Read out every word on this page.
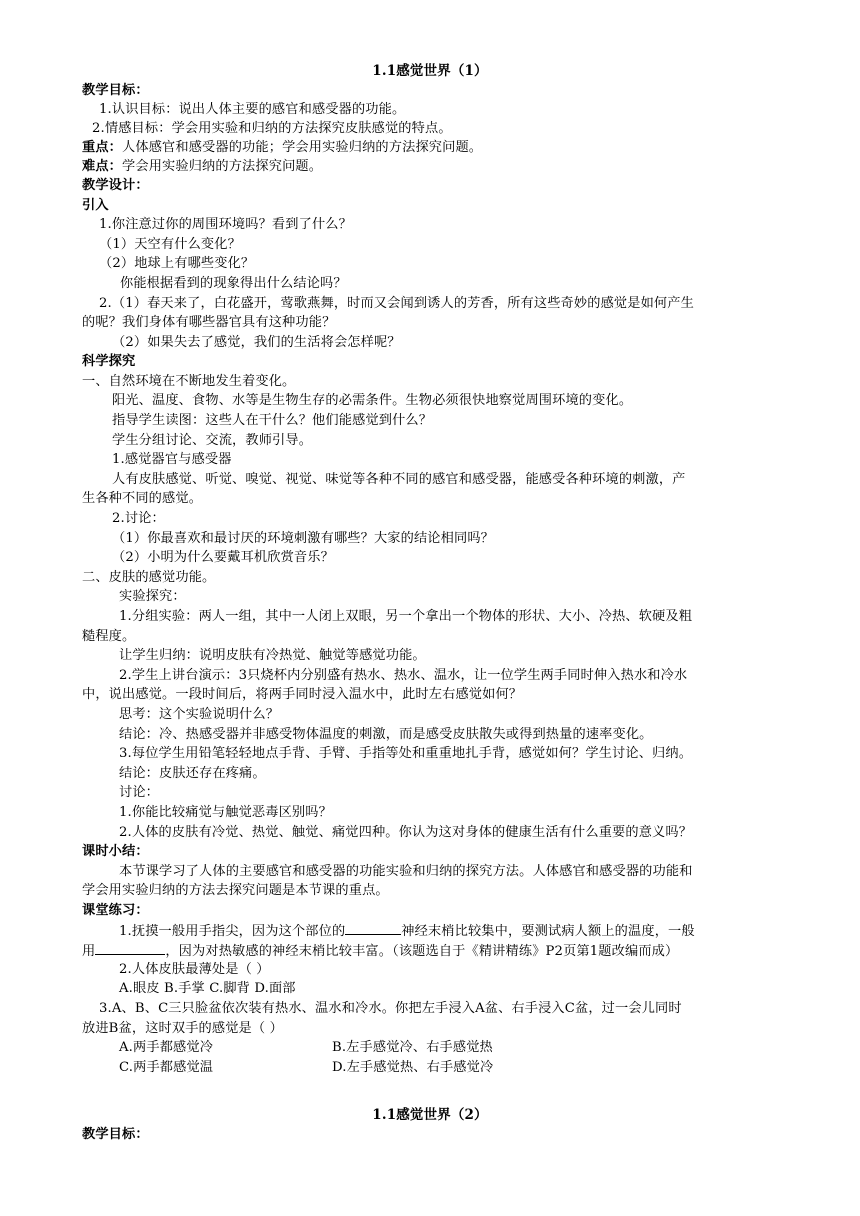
1.1感觉世界（1）
教学目标：
1.认识目标：说出人体主要的感官和感受器的功能。
2.情感目标：学会用实验和归纳的方法探究皮肤感觉的特点。
重点：人体感官和感受器的功能；学会用实验归纳的方法探究问题。
难点：学会用实验归纳的方法探究问题。
教学设计：
引入
1.你注意过你的周围环境吗？看到了什么？
（1）天空有什么变化？
（2）地球上有哪些变化？
你能根据看到的现象得出什么结论吗？
2.（1）春天来了，白花盛开，莺歌燕舞，时而又会闻到诱人的芳香，所有这些奇妙的感觉是如何产生
的呢？我们身体有哪些器官具有这种功能？
（2）如果失去了感觉，我们的生活将会怎样呢？
科学探究
一、自然环境在不断地发生着变化。
阳光、温度、食物、水等是生物生存的必需条件。生物必须很快地察觉周围环境的变化。
指导学生读图：这些人在干什么？他们能感觉到什么？
学生分组讨论、交流，教师引导。
1.感觉器官与感受器
人有皮肤感觉、听觉、嗅觉、视觉、味觉等各种不同的感官和感受器，能感受各种环境的刺激，产
生各种不同的感觉。
2.讨论：
（1）你最喜欢和最讨厌的环境刺激有哪些？大家的结论相同吗？
（2）小明为什么要戴耳机欣赏音乐？
二、皮肤的感觉功能。
实验探究：
1.分组实验：两人一组，其中一人闭上双眼，另一个拿出一个物体的形状、大小、冷热、软硬及粗
糙程度。
让学生归纳：说明皮肤有冷热觉、触觉等感觉功能。
2.学生上讲台演示：3只烧杯内分别盛有热水、热水、温水，让一位学生两手同时伸入热水和冷水
中，说出感觉。一段时间后，将两手同时浸入温水中，此时左右感觉如何？
思考：这个实验说明什么？
结论：冷、热感受器并非感受物体温度的刺激，而是感受皮肤散失或得到热量的速率变化。
3.每位学生用铅笔轻轻地点手背、手臂、手指等处和重重地扎手背，感觉如何？学生讨论、归纳。
结论：皮肤还存在疼痛。
讨论：
1.你能比较痛觉与触觉恶毒区别吗？
2.人体的皮肤有冷觉、热觉、触觉、痛觉四种。你认为这对身体的健康生活有什么重要的意义吗？
课时小结：
本节课学习了人体的主要感官和感受器的功能实验和归纳的探究方法。人体感官和感受器的功能和
学会用实验归纳的方法去探究问题是本节课的重点。
课堂练习：
1.抚摸一般用手指尖，因为这个部位的	神经末梢比较集中，要测试病人额上的温度，一般
用	，因为对热敏感的神经末梢比较丰富。（该题选自于《精讲精练》P2页第1题改编而成）
2.人体皮肤最薄处是（ ）
A.眼皮 B.手掌 C.脚背 D.面部
3.A、B、C三只脸盆依次装有热水、温水和冷水。你把左手浸入A盆、右手浸入C盆，过一会儿同时
放进B盆，这时双手的感觉是（ ）
A.两手都感觉冷	B.左手感觉冷、右手感觉热
C.两手都感觉温	D.左手感觉热、右手感觉冷
1.1感觉世界（2）
教学目标：
